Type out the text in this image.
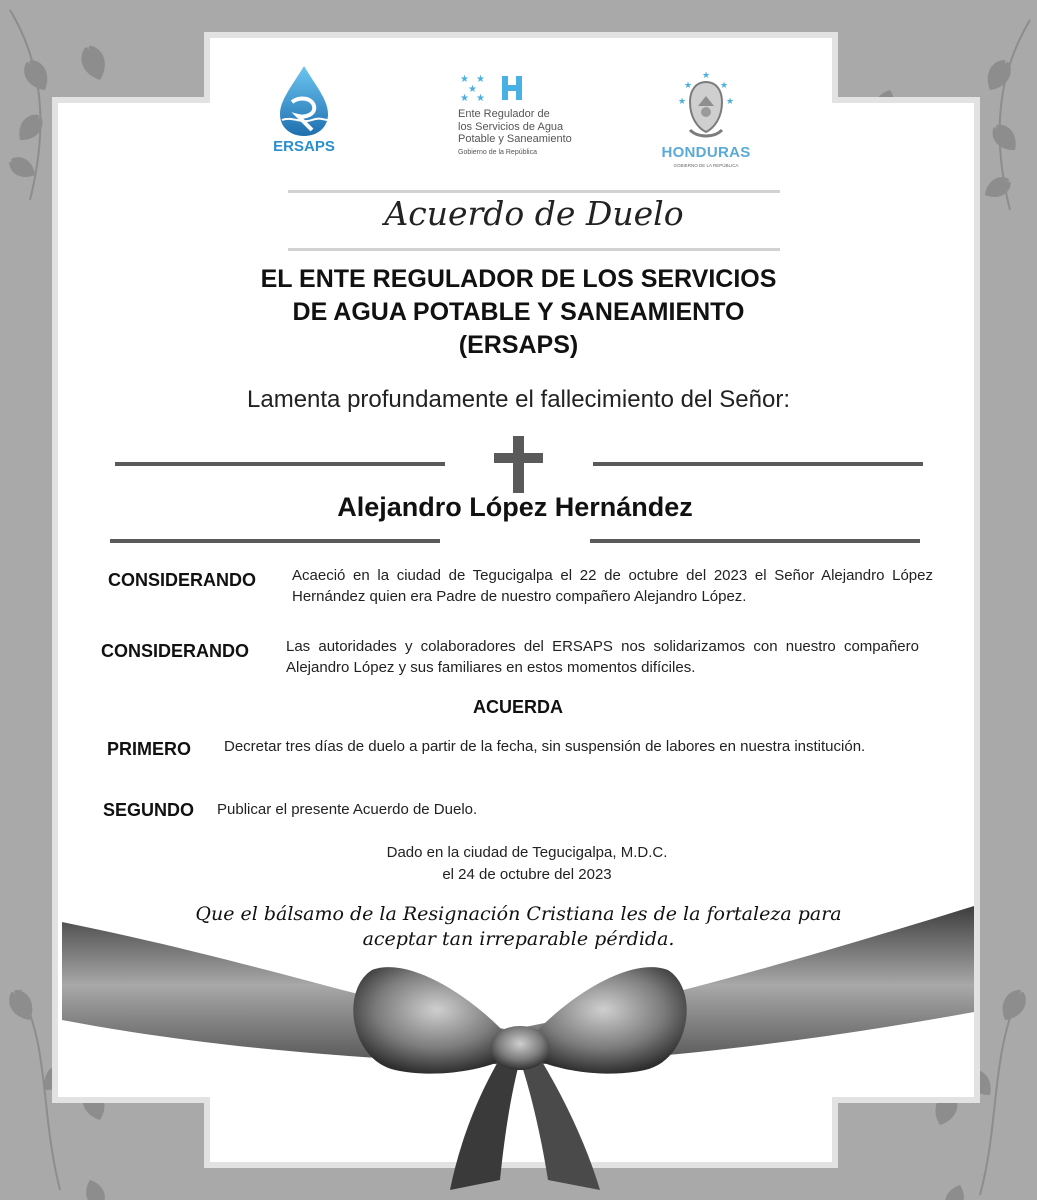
ERSAPS
★ ★
★
★ ★
Ente Regulador de
los Servicios de Agua
Potable y Saneamiento
Gobierno de la República
★
★	★
★	★
HONDURAS
GOBIERNO DE LA REPÚBLICA
Acuerdo de Duelo
EL ENTE REGULADOR DE LOS SERVICIOS
DE AGUA POTABLE Y SANEAMIENTO
(ERSAPS)
Lamenta profundamente el fallecimiento del Señor:
Alejandro López Hernández
CONSIDERANDO Acaeció en la ciudad de Tegucigalpa el 22 de octubre del 2023 el Señor Alejandro López Hernández quien era Padre de nuestro compañero Alejandro López.
CONSIDERANDO Las autoridades y colaboradores del ERSAPS nos solidarizamos con nuestro compañero Alejandro López y sus familiares en estos momentos difíciles.
ACUERDA
PRIMERO Decretar tres días de duelo a partir de la fecha, sin suspensión de labores en nuestra institución.
SEGUNDO Publicar el presente Acuerdo de Duelo.
Dado en la ciudad de Tegucigalpa, M.D.C.
el 24 de octubre del 2023
Que el bálsamo de la Resignación Cristiana les de la fortaleza para
aceptar tan irreparable pérdida.
